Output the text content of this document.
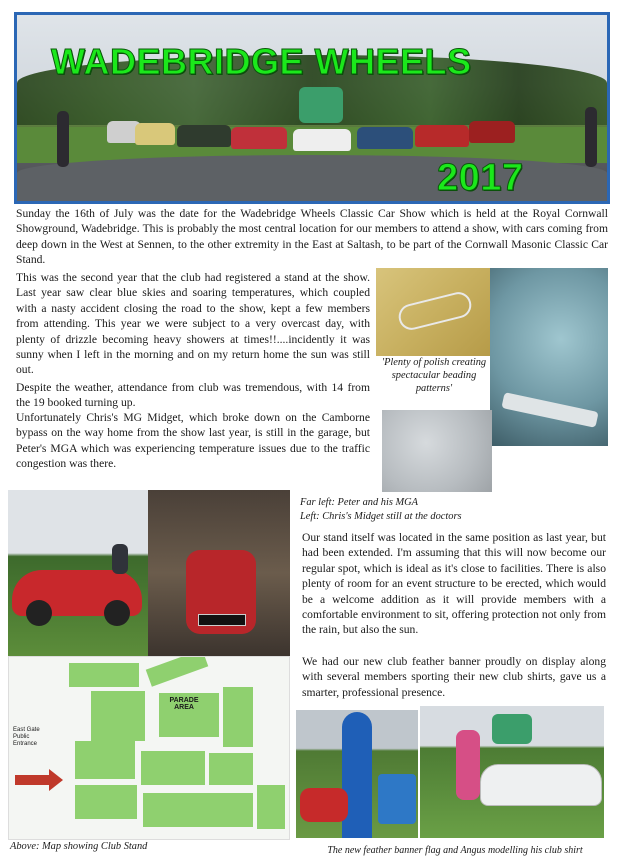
WADEBRIDGE WHEELS
2017

Sunday the 16th of July was the date for the Wadebridge Wheels Classic Car Show which is held at the Royal Cornwall Showground, Wadebridge. This is probably the most central location for our members to attend a show, with cars coming from deep down in the West at Sennen, to the other extremity in the East at Saltash, to be part of the Cornwall Masonic Classic Car Stand.

This was the second year that the club had registered a stand at the show. Last year saw clear blue skies and soaring temperatures, which coupled with a nasty accident closing the road to the show, kept a few members from attending. This year we were subject to a very overcast day, with plenty of drizzle becoming heavy showers at times!!....incidently it was sunny when I left in the morning and on my return home the sun was still out.

Despite the weather, attendance from club was tremendous, with 14 from the 19 booked turning up.

Unfortunately Chris's MG Midget, which broke down on the Camborne bypass on the way home from the show last year, is still in the garage, but Peter's MGA which was experiencing temperature issues due to the traffic congestion was there.

'Plenty of polish creating spectacular beading patterns'

Far left: Peter and his MGA

Left: Chris's Midget still at the doctors

Our stand itself was located in the same position as last year, but had been extended. I'm assuming that this will now become our regular spot, which is ideal as it's close to facilities. There is also plenty of room for an event structure to be erected, which would be a welcome addition as it will provide members with a comfortable environment to sit, offering protection not only from the rain, but also the sun.

We had our new club feather banner proudly on display along with several members sporting their new club shirts, gave us a smarter, professional presence.

PARADE AREA
East Gate Public Entrance

Above: Map showing Club Stand	The new feather banner flag and Angus modelling his club shirt
